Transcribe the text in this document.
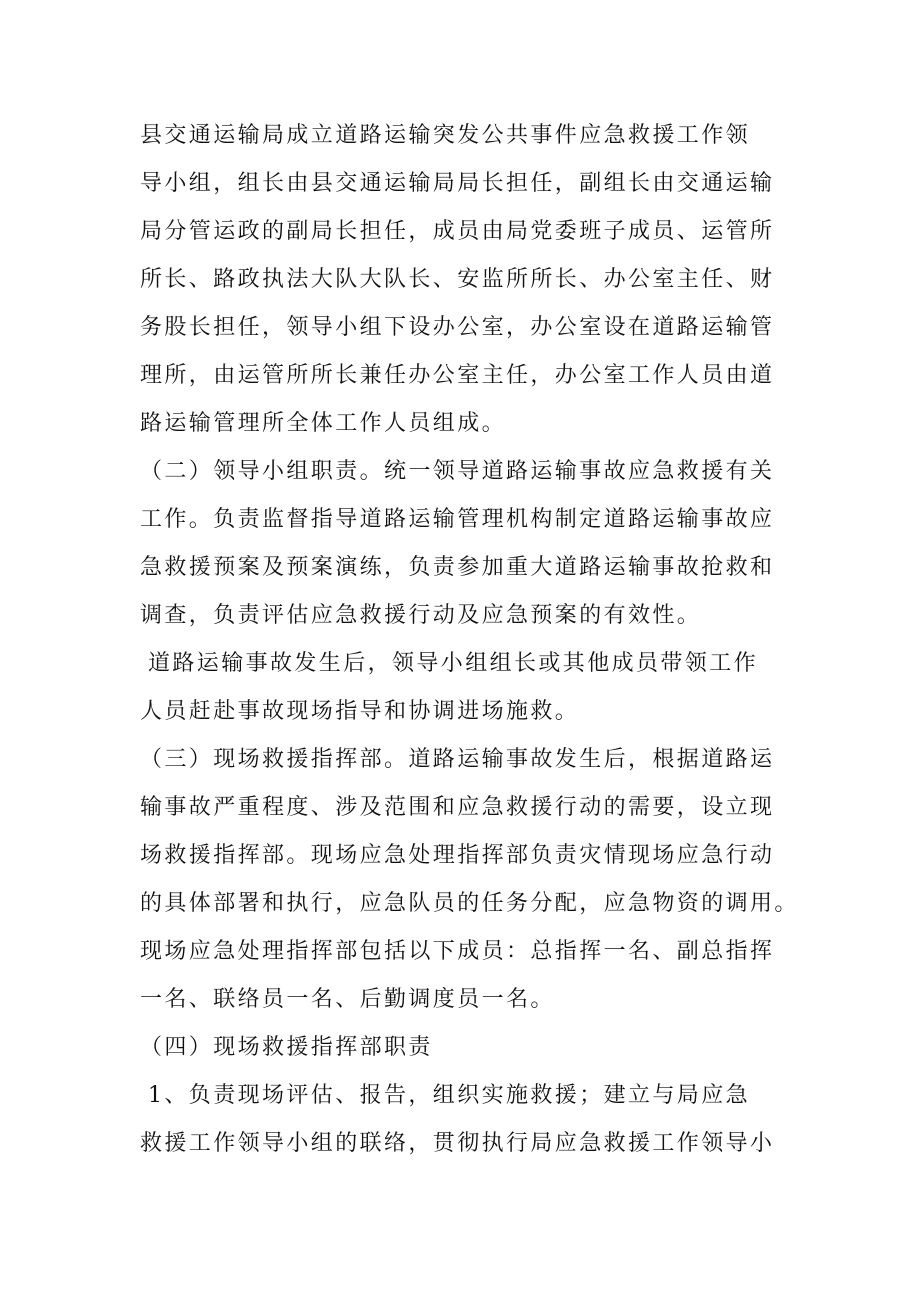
县交通运输局成立道路运输突发公共事件应急救援工作领
导小组，组长由县交通运输局局长担任，副组长由交通运输
局分管运政的副局长担任，成员由局党委班子成员、运管所
所长、路政执法大队大队长、安监所所长、办公室主任、财
务股长担任，领导小组下设办公室，办公室设在道路运输管
理所，由运管所所长兼任办公室主任，办公室工作人员由道
路运输管理所全体工作人员组成。
（二）领导小组职责。统一领导道路运输事故应急救援有关
工作。负责监督指导道路运输管理机构制定道路运输事故应
急救援预案及预案演练，负责参加重大道路运输事故抢救和
调查，负责评估应急救援行动及应急预案的有效性。
道路运输事故发生后，领导小组组长或其他成员带领工作
人员赶赴事故现场指导和协调进场施救。
（三）现场救援指挥部。道路运输事故发生后，根据道路运
输事故严重程度、涉及范围和应急救援行动的需要，设立现
场救援指挥部。现场应急处理指挥部负责灾情现场应急行动
的具体部署和执行，应急队员的任务分配，应急物资的调用。
现场应急处理指挥部包括以下成员：总指挥一名、副总指挥
一名、联络员一名、后勤调度员一名。
（四）现场救援指挥部职责
1、负责现场评估、报告，组织实施救援；建立与局应急
救援工作领导小组的联络，贯彻执行局应急救援工作领导小
